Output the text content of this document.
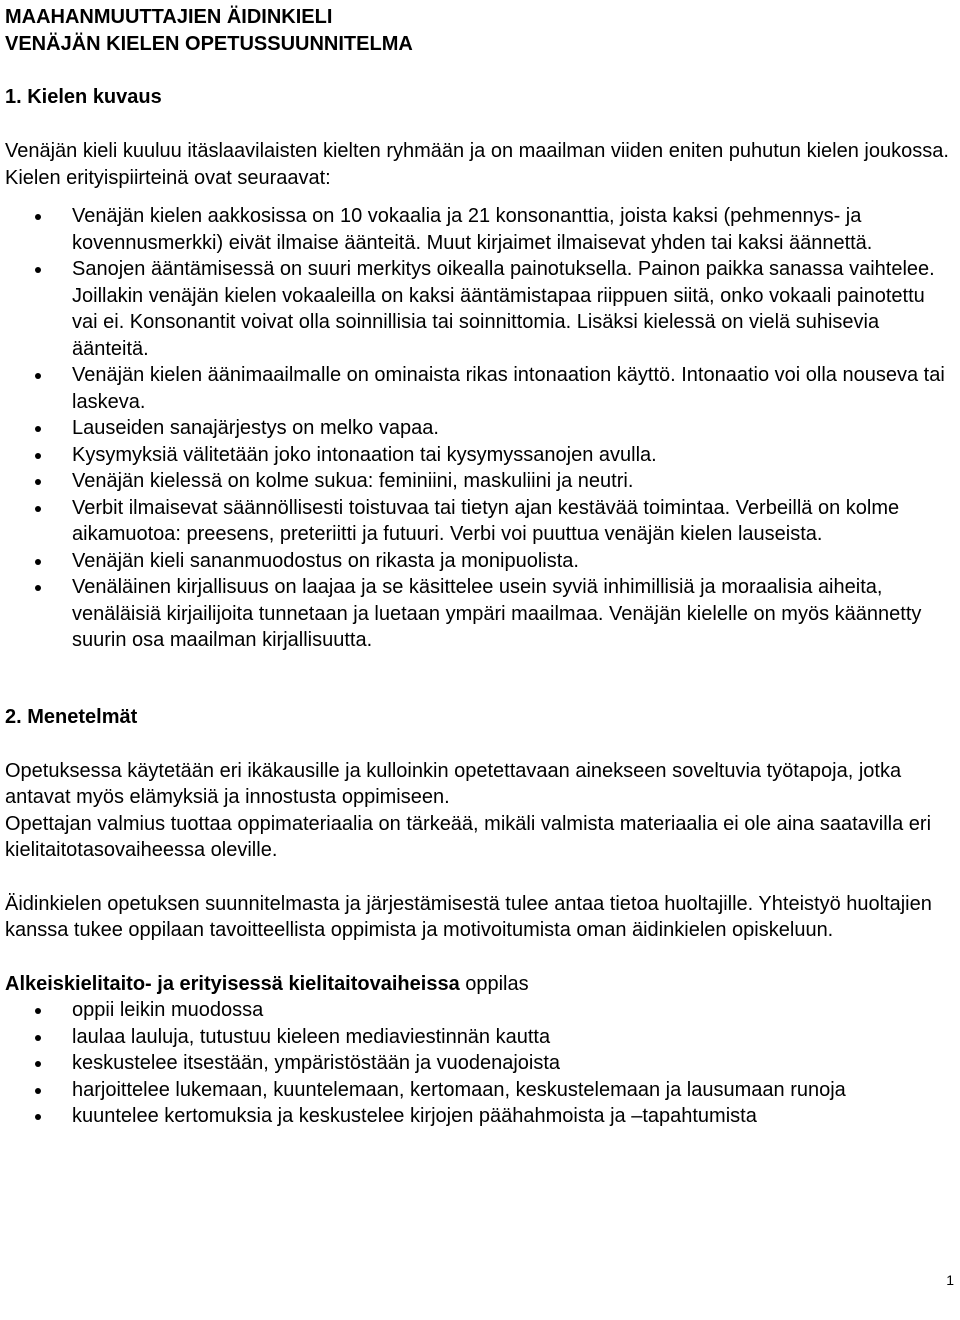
MAAHANMUUTTAJIEN ÄIDINKIELI
VENÄJÄN KIELEN OPETUSSUUNNITELMA
1. Kielen kuvaus

Venäjän kieli kuuluu itäslaavilaisten kielten ryhmään ja on maailman viiden eniten puhutun kielen joukossa. Kielen erityispiirteinä ovat seuraavat:

Venäjän kielen aakkosissa on 10 vokaalia ja 21 konsonanttia, joista kaksi (pehmennys- ja kovennusmerkki) eivät ilmaise äänteitä. Muut kirjaimet ilmaisevat yhden tai kaksi äännettä.
Sanojen ääntämisessä on suuri merkitys oikealla painotuksella. Painon paikka sanassa vaihtelee. Joillakin venäjän kielen vokaaleilla on kaksi ääntämistapaa riippuen siitä, onko vokaali painotettu vai ei. Konsonantit voivat olla soinnillisia tai soinnittomia. Lisäksi kielessä on vielä suhisevia äänteitä.
Venäjän kielen äänimaailmalle on ominaista rikas intonaation käyttö. Intonaatio voi olla nouseva tai laskeva.
Lauseiden sanajärjestys on melko vapaa.
Kysymyksiä välitetään joko intonaation tai kysymyssanojen avulla.
Venäjän kielessä on kolme sukua: feminiini, maskuliini ja neutri.
Verbit ilmaisevat säännöllisesti toistuvaa tai tietyn ajan kestävää toimintaa. Verbeillä on kolme aikamuotoa: preesens, preteriitti ja futuuri. Verbi voi puuttua venäjän kielen lauseista.
Venäjän kieli sananmuodostus on rikasta ja monipuolista.
Venäläinen kirjallisuus on laajaa ja se käsittelee usein syviä inhimillisiä ja moraalisia aiheita, venäläisiä kirjailijoita tunnetaan ja luetaan ympäri maailmaa. Venäjän kielelle on myös käännetty suurin osa maailman kirjallisuutta.
2. Menetelmät

Opetuksessa käytetään eri ikäkausille ja kulloinkin opetettavaan ainekseen soveltuvia työtapoja, jotka antavat myös elämyksiä ja innostusta oppimiseen.

Opettajan valmius tuottaa oppimateriaalia on tärkeää, mikäli valmista materiaalia ei ole aina saatavilla eri kielitaitotasovaiheessa oleville.

Äidinkielen opetuksen suunnitelmasta ja järjestämisestä tulee antaa tietoa huoltajille. Yhteistyö huoltajien kanssa tukee oppilaan tavoitteellista oppimista ja motivoitumista oman äidinkielen opiskeluun.

Alkeiskielitaito- ja erityisessä kielitaitovaiheissa oppilas

oppii leikin muodossa
laulaa lauluja, tutustuu kieleen mediaviestinnän kautta
keskustelee itsestään, ympäristöstään ja vuodenajoista
harjoittelee lukemaan, kuuntelemaan, kertomaan, keskustelemaan ja lausumaan runoja
kuuntelee kertomuksia ja keskustelee kirjojen päähahmoista ja –tapahtumista
1
